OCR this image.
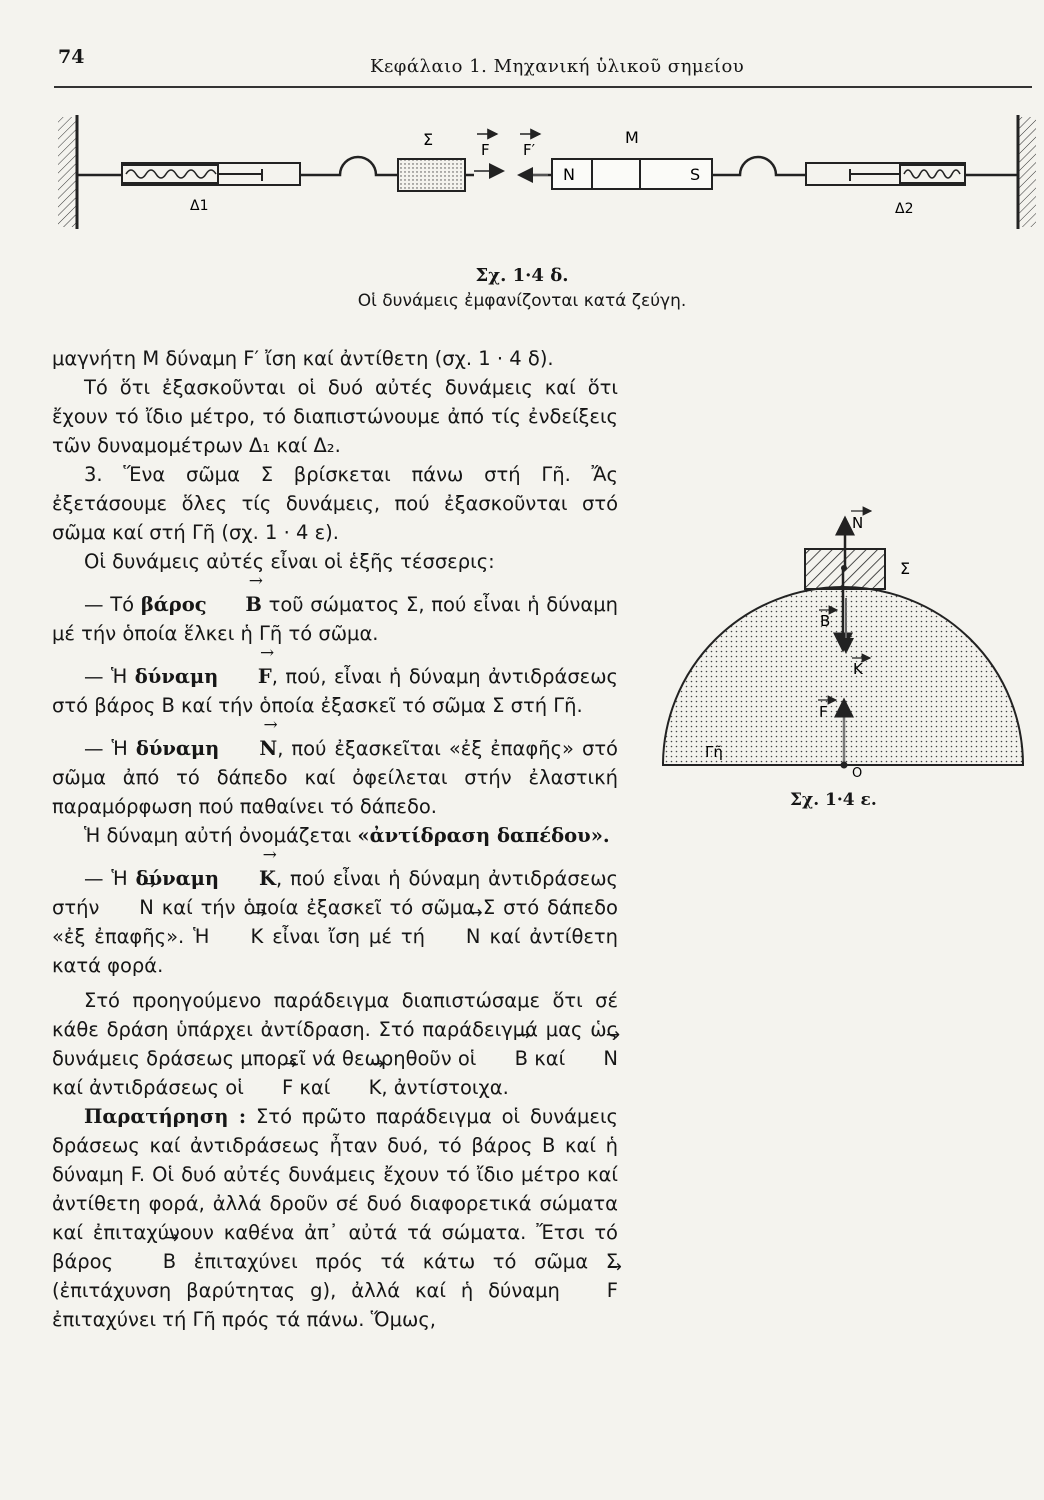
74	Κεφάλαιο 1. Μηχανική ὑλικοῦ σημείου
Σ
F F′
M
N	S
Δ1	Δ2
Σχ. 1·4 δ.
Οἱ δυνάμεις ἐμφανίζονται κατά ζεύγη.

μαγνήτη Μ δύναμη F′ ἴση καί ἀντίθετη (σχ. 1 · 4 δ).

Τό ὅτι ἐξασκοῦνται οἱ δυό αὐτές δυνάμεις καί ὅτι ἔχουν τό ἴδιο μέτρο, τό διαπιστώνουμε ἀπό τίς ἐνδείξεις τῶν δυναμομέτρων Δ₁ καί Δ₂.

3. Ἕνα σῶμα Σ βρίσκεται πάνω στή Γῆ. Ἄς ἐξετάσουμε ὅλες τίς δυνάμεις, πού ἐξασκοῦνται στό σῶμα καί στή Γῆ (σχ. 1 · 4 ε).

Οἱ δυνάμεις αὐτές εἶναι οἱ ἑξῆς τέσσερις:

— Τό βάρος → B τοῦ σώματος Σ, πού εἶναι ἡ δύναμη μέ τήν ὁποία ἕλκει ἡ Γῆ τό σῶμα.

— Ἡ δύναμη → F, πού, εἶναι ἡ δύναμη ἀντιδράσεως στό βάρος Β καί τήν ὁποία ἐξασκεῖ τό σῶμα Σ στή Γῆ.

— Ἡ δύναμη → N, πού ἐξασκεῖται «ἐξ ἐπαφῆς» στό σῶμα ἀπό τό δάπεδο καί ὀφείλεται στήν ἐλαστική παραμόρφωση πού παθαίνει τό δάπεδο.

Ἡ δύναμη αὐτή ὀνομάζεται «ἀντίδραση δαπέδου».

— Ἡ δύναμη → K, πού εἶναι ἡ δύναμη ἀντιδράσεως στήν → N καί τήν ὁποία ἐξασκεῖ τό σῶμα Σ στό δάπεδο «ἐξ ἐπαφῆς». Ἡ → K εἶναι ἴση μέ τή → N καί ἀντίθετη κατά φορά.

Στό προηγούμενο παράδειγμα διαπιστώσαμε ὅτι σέ κάθε δράση ὑπάρχει ἀντίδραση. Στό παράδειγμά μας ὡς δυνάμεις δράσεως μπορεῖ νά θεωρηθοῦν οἱ → B καί → N καί ἀντιδράσεως οἱ → F καί → K, ἀντίστοιχα.

Παρατήρηση : Στό πρῶτο παράδειγμα οἱ δυνάμεις δράσεως καί ἀντιδράσεως ἦταν δυό, τό βάρος Β καί ἡ δύναμη F. Οἱ δυό αὐτές δυνάμεις ἔχουν τό ἴδιο μέτρο καί ἀντίθετη φορά, ἀλλά δροῦν σέ δυό διαφορετικά σώματα καί ἐπιταχύνουν καθένα ἀπ᾽ αὐτά τά σώματα. Ἔτσι τό βάρος	→ B ἐπιταχύνει πρός τά κάτω τό σῶμα Σ (ἐπιτάχυνση βαρύτητας g), ἀλλά καί ἡ δύναμη → F ἐπιταχύνει τή Γῆ πρός τά πάνω. Ὅμως,

N
Σ
B
K
F
Γῆ
O
Σχ. 1·4 ε.
